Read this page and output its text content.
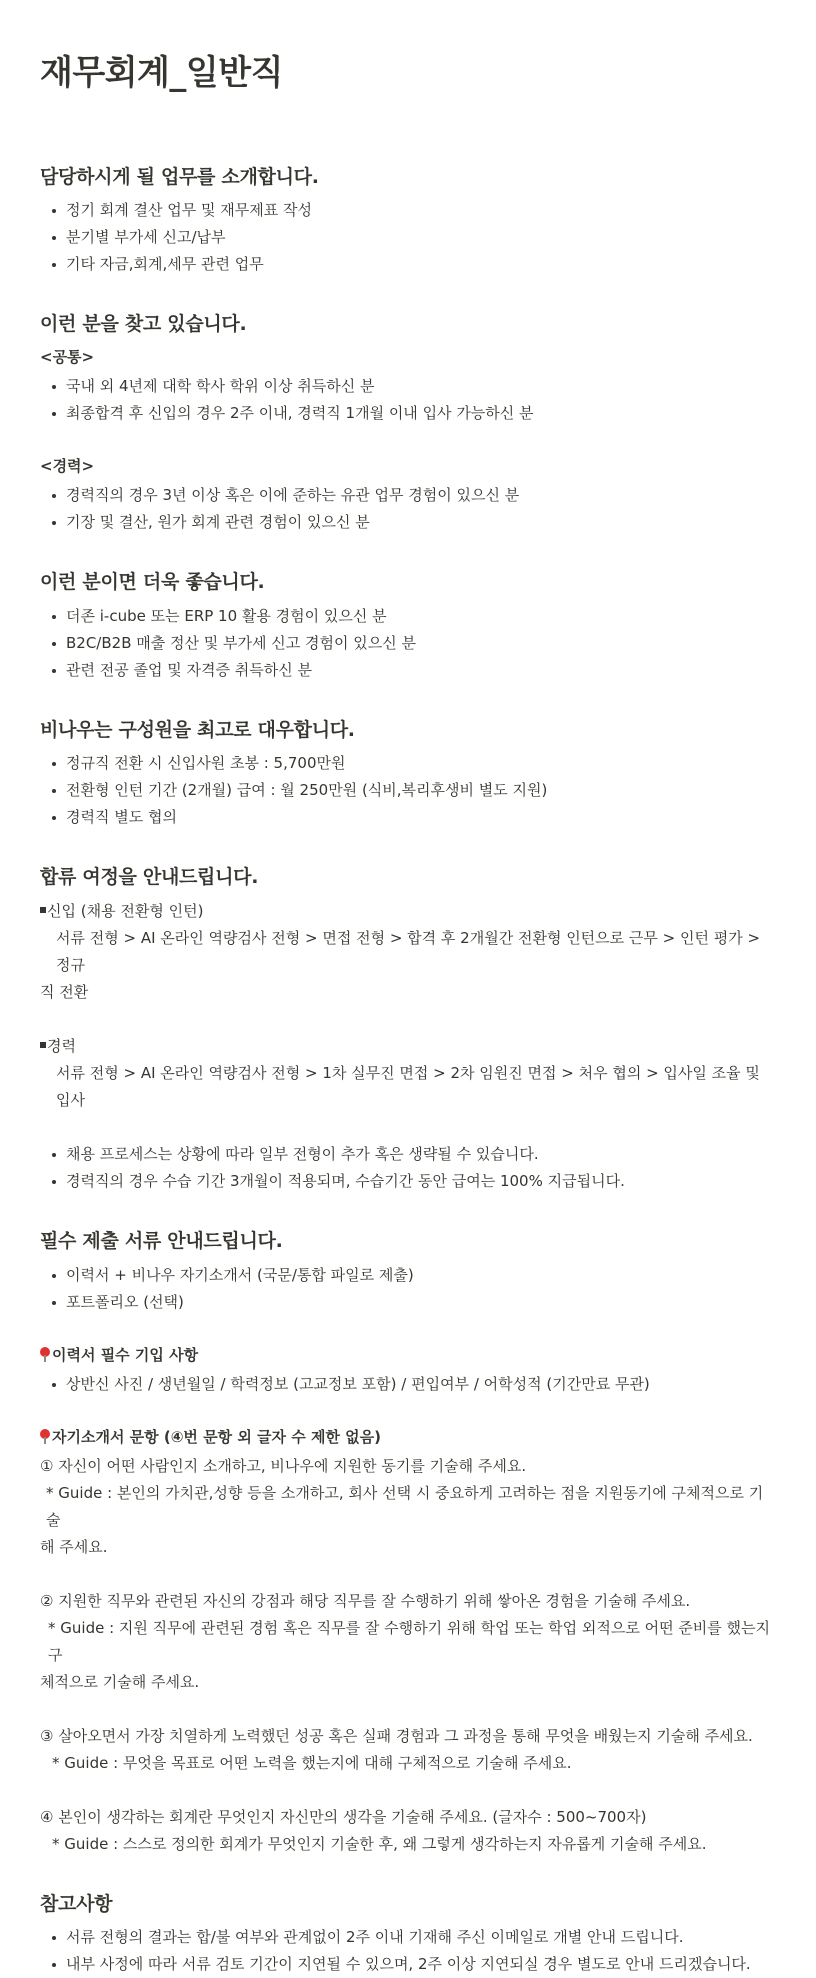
재무회계_일반직
담당하시게 될 업무를 소개합니다.
정기 회계 결산 업무 및 재무제표 작성
분기별 부가세 신고/납부
기타 자금,회계,세무 관련 업무
이런 분을 찾고 있습니다.
<공통>
국내 외 4년제 대학 학사 학위 이상 취득하신 분
최종합격 후 신입의 경우 2주 이내, 경력직 1개월 이내 입사 가능하신 분
<경력>
경력직의 경우 3년 이상 혹은 이에 준하는 유관 업무 경험이 있으신 분
기장 및 결산, 원가 회계 관련 경험이 있으신 분
이런 분이면 더욱 좋습니다.
더존 i-cube 또는 ERP 10 활용 경험이 있으신 분
B2C/B2B 매출 정산 및 부가세 신고 경험이 있으신 분
관련 전공 졸업 및 자격증 취득하신 분
비나우는 구성원을 최고로 대우합니다.
정규직 전환 시 신입사원 초봉 : 5,700만원
전환형 인턴 기간 (2개월) 급여 : 월 250만원 (식비,복리후생비 별도 지원)
경력직 별도 협의
합류 여정을 안내드립니다.

신입 (채용 전환형 인턴)

서류 전형 > AI 온라인 역량검사 전형 > 면접 전형 > 합격 후 2개월간 전환형 인턴으로 근무 > 인턴 평가 > 정규

직 전환

경력

서류 전형 > AI 온라인 역량검사 전형 > 1차 실무진 면접 > 2차 임원진 면접 > 처우 협의 > 입사일 조율 및 입사

채용 프로세스는 상황에 따라 일부 전형이 추가 혹은 생략될 수 있습니다.
경력직의 경우 수습 기간 3개월이 적용되며, 수습기간 동안 급여는 100% 지급됩니다.
필수 제출 서류 안내드립니다.
이력서 + 비나우 자기소개서 (국문/통합 파일로 제출)
포트폴리오 (선택)
이력서 필수 기입 사항
상반신 사진 / 생년월일 / 학력정보 (고교정보 포함) / 편입여부 / 어학성적 (기간만료 무관)
자기소개서 문항 (④번 문항 외 글자 수 제한 없음)

① 자신이 어떤 사람인지 소개하고, 비나우에 지원한 동기를 기술해 주세요.

* Guide : 본인의 가치관,성향 등을 소개하고, 회사 선택 시 중요하게 고려하는 점을 지원동기에 구체적으로 기술

해 주세요.

② 지원한 직무와 관련된 자신의 강점과 해당 직무를 잘 수행하기 위해 쌓아온 경험을 기술해 주세요.

* Guide : 지원 직무에 관련된 경험 혹은 직무를 잘 수행하기 위해 학업 또는 학업 외적으로 어떤 준비를 했는지 구

체적으로 기술해 주세요.

③ 살아오면서 가장 치열하게 노력했던 성공 혹은 실패 경험과 그 과정을 통해 무엇을 배웠는지 기술해 주세요.

* Guide : 무엇을 목표로 어떤 노력을 했는지에 대해 구체적으로 기술해 주세요.

④ 본인이 생각하는 회계란 무엇인지 자신만의 생각을 기술해 주세요. (글자수 : 500~700자)

* Guide : 스스로 정의한 회계가 무엇인지 기술한 후, 왜 그렇게 생각하는지 자유롭게 기술해 주세요.

참고사항
서류 전형의 결과는 합/불 여부와 관계없이 2주 이내 기재해 주신 이메일로 개별 안내 드립니다.
내부 사정에 따라 서류 검토 기간이 지연될 수 있으며, 2주 이상 지연되실 경우 별도로 안내 드리겠습니다.
